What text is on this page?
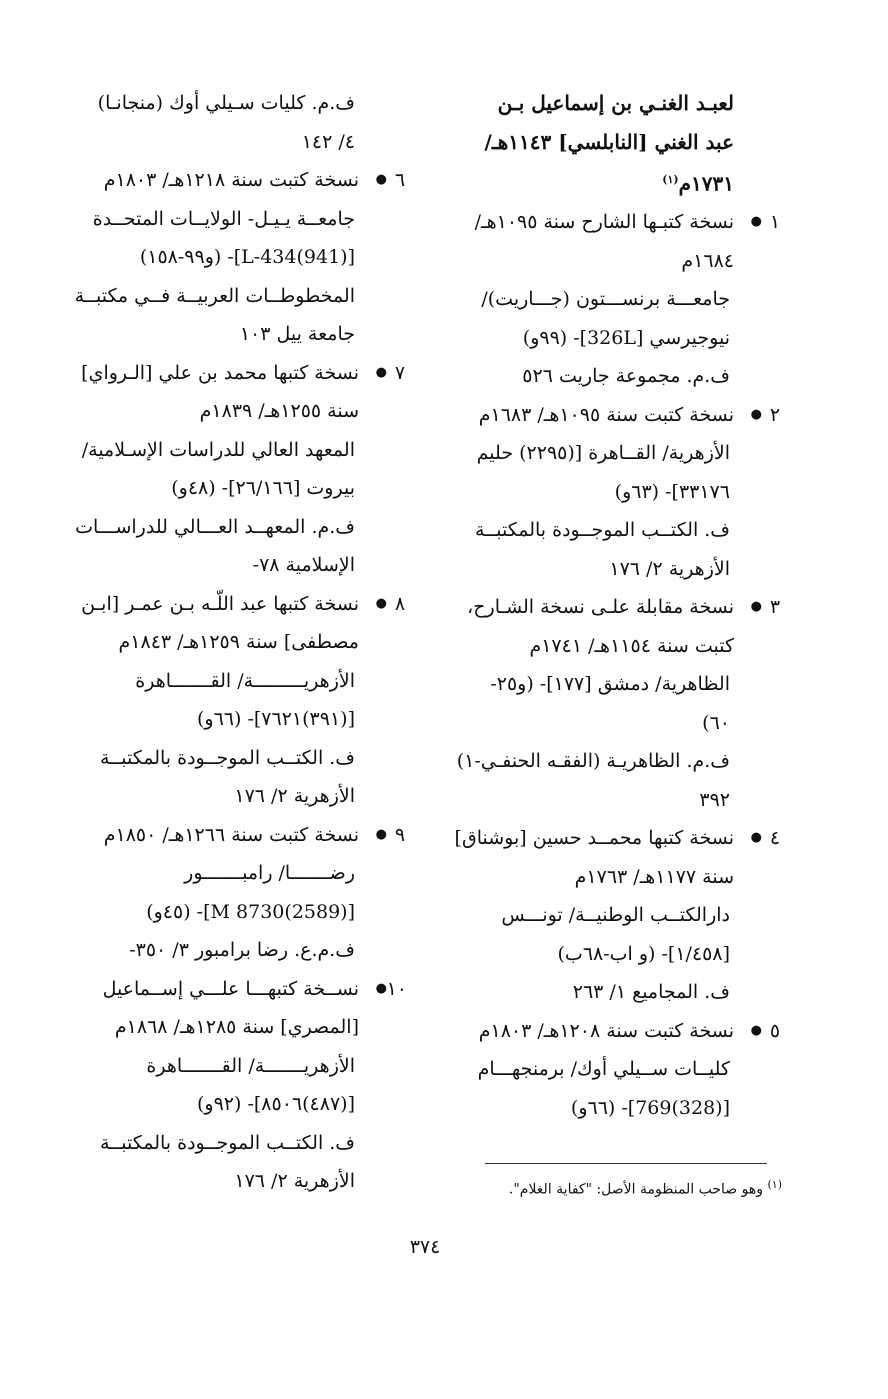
لعبـد الغنـي بن إسماعيل بـن
عبد الغني [النابلسي] ١١٤٣هـ/
١٧٣١م$^{(١)}$
١
●
نسخة كتبـها الشارح سنة ١٠٩٥هـ/
١٦٨٤م
جامعـــة برنســـتون (جـــاريت)/
نيوجيرسي [326L]- (٩٩و)
ف.م. مجموعة جاريت ٥٢٦
٢
●
نسخة كتبت سنة ١٠٩٥هـ/ ١٦٨٣م
الأزهرية/ القــاهرة [(٢٢٩٥) حليم
٣٣١٧٦]- (٦٣و)
ف. الكتــب الموجــودة بالمكتبــة
الأزهرية ٢/ ١٧٦
٣
●
نسخة مقابلة علـى نسخة الشـارح،
كتبت سنة ١١٥٤هـ/ ١٧٤١م
الظاهرية/ دمشق [١٧٧]- (و٢٥-
٦٠)
ف.م. الظاهريـة (الفقـه الحنفـي-١)
٣٩٢
٤
●
نسخة كتبها محمــد حسين [بوشناق]
سنة ١١٧٧هـ/ ١٧٦٣م
دارالكتــب الوطنيــة/ تونـــس
[١/٤٥٨]- (و اب-٦٨ب)
ف. المجاميع ١/ ٢٦٣
٥
●
نسخة كتبت سنة ١٢٠٨هـ/ ١٨٠٣م
كليــات ســيلي أوك/ برمنجهـــام
[(328)769]- (٦٦و)
ف.م. كليات سـيلي أوك (منجانـا)
٤/ ١٤٢
٦
●
نسخة كتبت سنة ١٢١٨هـ/ ١٨٠٣م
جامعــة يـيـل- الولايــات المتحــدة
[(941)L-434]- (و٩٩-١٥٨)
المخطوطــات العربيــة فــي مكتبــة
جامعة ييل ١٠٣
٧
●
نسخة كتبها محمد بن علي [الـرواي]
سنة ١٢٥٥هـ/ ١٨٣٩م
المعهد العالي للدراسات الإسـلامية/
بيروت [٢٦/١٦٦]- (٤٨و)
ف.م. المعهــد العـــالي للدراســـات
الإسلامية ٧٨-
٨
●
نسخة كتبها عبد اللّـه بـن عمـر [ابـن
مصطفى] سنة ١٢٥٩هـ/ ١٨٤٣م
الأزهريـــــــــة/ القـــــــاهرة
[(٣٩١)٧٦٢١]- (٦٦و)
ف. الكتــب الموجــودة بالمكتبــة
الأزهرية ٢/ ١٧٦
٩
●
نسخة كتبت سنة ١٢٦٦هـ/ ١٨٥٠م
رضـــــــا/ رامبـــــــور
[(2589)8730 M]- (٤٥و)
ف.م.ع. رضا برامبور ٣/ ٣٥٠-
١٠
●
نســخة كتبهـــا علـــي إســماعيل
[المصري] سنة ١٢٨٥هـ/ ١٨٦٨م
الأزهريـــــــة/ القـــــــاهرة
[(٤٨٧)٨٥٠٦]- (٩٢و)
ف. الكتــب الموجــودة بالمكتبــة
الأزهرية ٢/ ١٧٦	$^{(١)}$ وهو صاحب المنظومة الأصل: "كفاية الغلام".
٣٧٤
